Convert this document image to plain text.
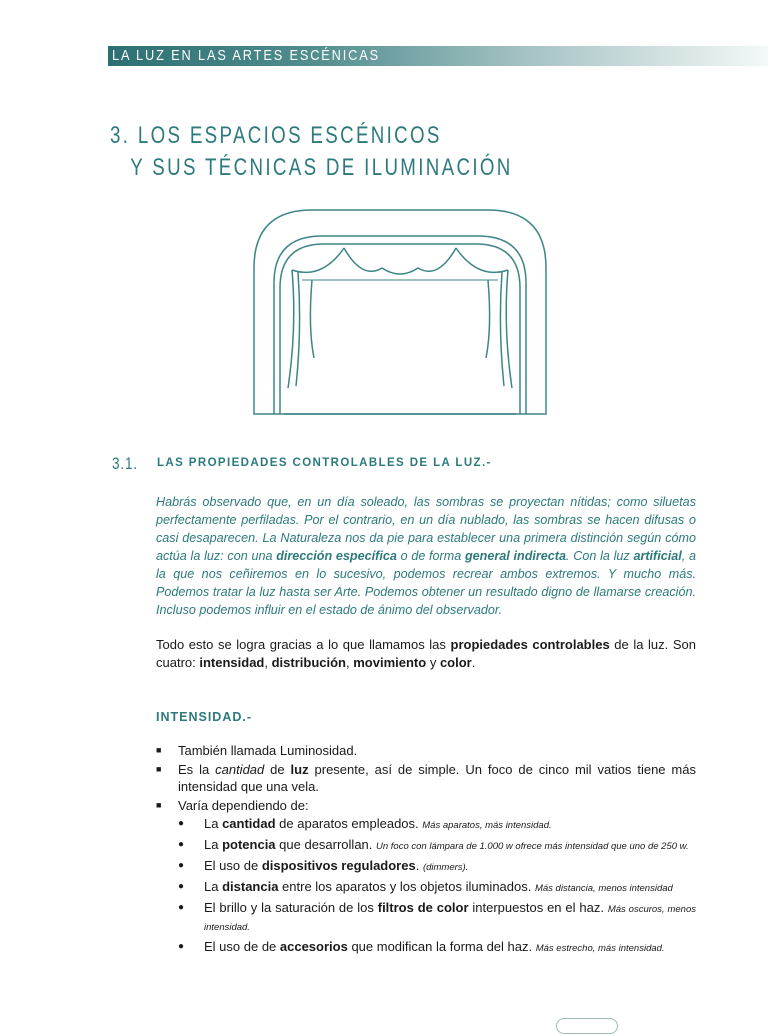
LA LUZ EN LAS ARTES ESCÉNICAS
3. LOS ESPACIOS ESCÉNICOS
Y SUS TÉCNICAS DE ILUMINACIÓN
3.1. LAS PROPIEDADES CONTROLABLES DE LA LUZ.-
Habrás observado que, en un día soleado, las sombras se proyectan nítidas; como siluetas perfectamente perfiladas. Por el contrario, en un día nublado, las sombras se hacen difusas o casi desaparecen. La Naturaleza nos da pie para establecer una primera distinción según cómo actúa la luz: con una dirección específica o de forma general indirecta. Con la luz artificial, a la que nos ceñiremos en lo sucesivo, podemos recrear ambos extremos. Y mucho más. Podemos tratar la luz hasta ser Arte. Podemos obtener un resultado digno de llamarse creación. Incluso podemos influir en el estado de ánimo del observador.
Todo esto se logra gracias a lo que llamamos las propiedades controlables de la luz. Son cuatro: intensidad, distribución, movimiento y color.
INTENSIDAD.-
■ También llamada Luminosidad.
■ Es la cantidad de luz presente, así de simple. Un foco de cinco mil vatios tiene más intensidad que una vela.
■ Varía dependiendo de:
● La cantidad de aparatos empleados. Más aparatos, más intensidad.
● La potencia que desarrollan. Un foco con lámpara de 1.000 w ofrece más intensidad que uno de 250 w.
● El uso de dispositivos reguladores. (dimmers).
● La distancia entre los aparatos y los objetos iluminados. Más distancia, menos intensidad
● El brillo y la saturación de los filtros de color interpuestos en el haz. Más oscuros, menos intensidad.
● El uso de de accesorios que modifican la forma del haz. Más estrecho, más intensidad.
